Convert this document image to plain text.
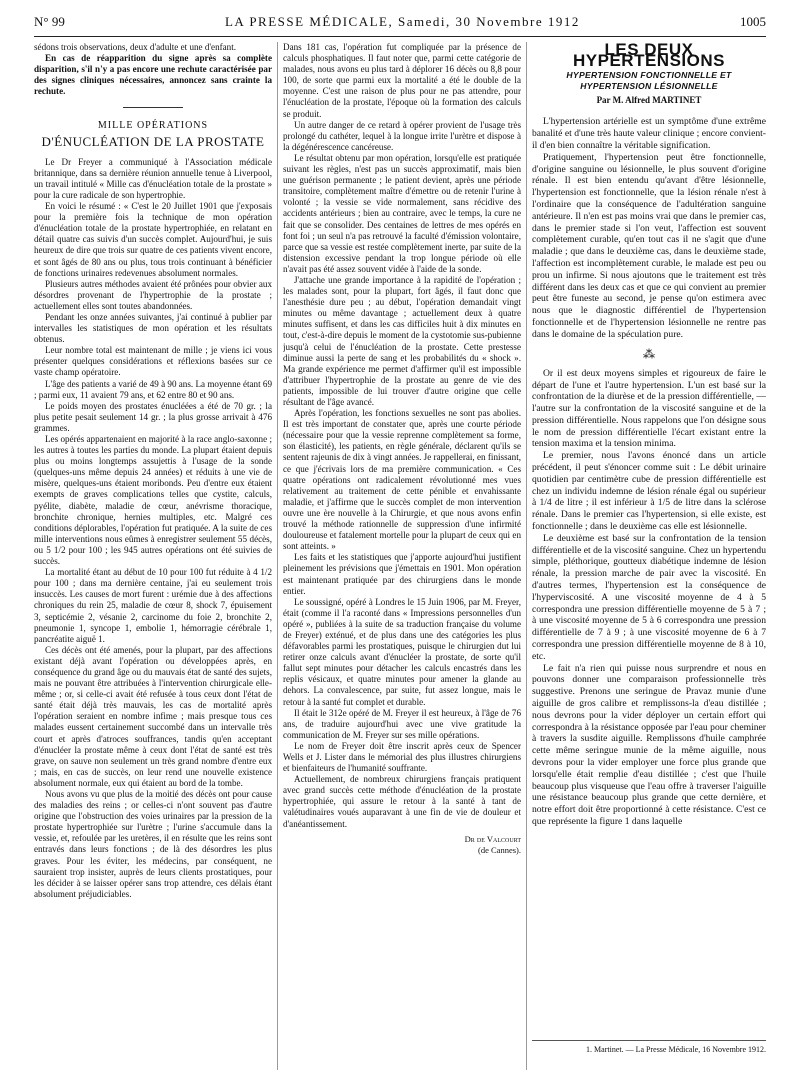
N° 99	LA PRESSE MÉDICALE, Samedi, 30 Novembre 1912	1005

sédons trois observations, deux d'adulte et une d'enfant.

En cas de réapparition du signe après sa complète disparition, s'il n'y a pas encore une rechute caractérisée par des signes cliniques nécessaires, annoncez sans crainte la rechute.

MILLE OPÉRATIONS
D'ÉNUCLÉATION DE LA PROSTATE

Le Dr Freyer a communiqué à l'Association médicale britannique, dans sa dernière réunion annuelle tenue à Liverpool, un travail intitulé « Mille cas d'énucléation totale de la prostate » pour la cure radicale de son hypertrophie.

En voici le résumé : « C'est le 20 Juillet 1901 que j'exposais pour la première fois la technique de mon opération d'énucléation totale de la prostate hypertrophiée, en relatant en détail quatre cas suivis d'un succès complet. Aujourd'hui, je suis heureux de dire que trois sur quatre de ces patients vivent encore, et sont âgés de 80 ans ou plus, tous trois continuant à bénéficier de fonctions urinaires redevenues absolument normales.

Plusieurs autres méthodes avaient été prônées pour obvier aux désordres provenant de l'hypertrophie de la prostate ; actuellement elles sont toutes abandonnées.

Pendant les onze années suivantes, j'ai continué à publier par intervalles les statistiques de mon opération et les résultats obtenus.

Leur nombre total est maintenant de mille ; je viens ici vous présenter quelques considérations et réflexions basées sur ce vaste champ opératoire.

L'âge des patients a varié de 49 à 90 ans. La moyenne étant 69 ; parmi eux, 11 avaient 79 ans, et 62 entre 80 et 90 ans.

Le poids moyen des prostates énucléées a été de 70 gr. ; la plus petite pesait seulement 14 gr. ; la plus grosse arrivait à 476 grammes.

Les opérés appartenaient en majorité à la race anglo-saxonne ; les autres à toutes les parties du monde. La plupart étaient depuis plus ou moins longtemps assujettis à l'usage de la sonde (quelques-uns même depuis 24 années) et réduits à une vie de misère, quelques-uns étaient moribonds. Peu d'entre eux étaient exempts de graves complications telles que cystite, calculs, pyélite, diabète, maladie de cœur, anévrisme thoracique, bronchite chronique, hernies multiples, etc. Malgré ces conditions déplorables, l'opération fut pratiquée. A la suite de ces mille interventions nous eûmes à enregistrer seulement 55 décès, ou 5 1/2 pour 100 ; les 945 autres opérations ont été suivies de succès.

La mortalité étant au début de 10 pour 100 fut réduite à 4 1/2 pour 100 ; dans ma dernière centaine, j'ai eu seulement trois insuccès. Les causes de mort furent : urémie due à des affections chroniques du rein 25, maladie de cœur 8, shock 7, épuisement 3, septicémie 2, vésanie 2, carcinome du foie 2, bronchite 2, pneumonie 1, syncope 1, embolie 1, hémorragie cérébrale 1, pancréatite aiguë 1.

Ces décès ont été amenés, pour la plupart, par des affections existant déjà avant l'opération ou développées après, en conséquence du grand âge ou du mauvais état de santé des sujets, mais ne pouvant être attribuées à l'intervention chirurgicale elle-même ; or, si celle-ci avait été refusée à tous ceux dont l'état de santé était déjà très mauvais, les cas de mortalité après l'opération seraient en nombre infime ; mais presque tous ces malades eussent certainement succombé dans un intervalle très court et après d'atroces souffrances, tandis qu'en acceptant d'énucléer la prostate même à ceux dont l'état de santé est très grave, on sauve non seulement un très grand nombre d'entre eux ; mais, en cas de succès, on leur rend une nouvelle existence absolument normale, eux qui étaient au bord de la tombe.

Nous avons vu que plus de la moitié des décès ont pour cause des maladies des reins ; or celles-ci n'ont souvent pas d'autre origine que l'obstruction des voies urinaires par la pression de la prostate hypertrophiée sur l'urètre ; l'urine s'accumule dans la vessie, et, refoulée par les uretères, il en résulte que les reins sont entravés dans leurs fonctions ; de là des désordres les plus graves. Pour les éviter, les médecins, par conséquent, ne sauraient trop insister, auprès de leurs clients prostatiques, pour les décider à se laisser opérer sans trop attendre, ces délais étant absolument préjudiciables.

Dans 181 cas, l'opération fut compliquée par la présence de calculs phosphatiques. Il faut noter que, parmi cette catégorie de malades, nous avons eu plus tard à déplorer 16 décès ou 8,8 pour 100, de sorte que parmi eux la mortalité a été le double de la moyenne. C'est une raison de plus pour ne pas attendre, pour l'énucléation de la prostate, l'époque où la formation des calculs se produit.

Un autre danger de ce retard à opérer provient de l'usage très prolongé du cathéter, lequel à la longue irrite l'urètre et dispose à la dégénérescence cancéreuse.

Le résultat obtenu par mon opération, lorsqu'elle est pratiquée suivant les règles, n'est pas un succès approximatif, mais bien une guérison permanente ; le patient devient, après une période transitoire, complètement maître d'émettre ou de retenir l'urine à volonté ; la vessie se vide normalement, sans récidive des accidents antérieurs ; bien au contraire, avec le temps, la cure ne fait que se consolider. Des centaines de lettres de mes opérés en font foi ; un seul n'a pas retrouvé la faculté d'émission volontaire, parce que sa vessie est restée complètement inerte, par suite de la distension excessive pendant la trop longue période où elle n'avait pas été assez souvent vidée à l'aide de la sonde.

J'attache une grande importance à la rapidité de l'opération ; les malades sont, pour la plupart, fort âgés, il faut donc que l'anesthésie dure peu ; au début, l'opération demandait vingt minutes ou même davantage ; actuellement deux à quatre minutes suffisent, et dans les cas difficiles huit à dix minutes en tout, c'est-à-dire depuis le moment de la cystotomie sus-pubienne jusqu'à celui de l'énucléation de la prostate. Cette prestesse diminue aussi la perte de sang et les probabilités du « shock ». Ma grande expérience me permet d'affirmer qu'il est impossible d'attribuer l'hypertrophie de la prostate au genre de vie des patients, impossible de lui trouver d'autre origine que celle résultant de l'âge avancé.

Après l'opération, les fonctions sexuelles ne sont pas abolies. Il est très important de constater que, après une courte période (nécessaire pour que la vessie reprenne complètement sa forme, son élasticité), les patients, en règle générale, déclarent qu'ils se sentent rajeunis de dix à vingt années. Je rappellerai, en finissant, ce que j'écrivais lors de ma première communication. « Ces quatre opérations ont radicalement révolutionné mes vues relativement au traitement de cette pénible et envahissante maladie, et j'affirme que le succès complet de mon intervention ouvre une ère nouvelle à la Chirurgie, et que nous avons enfin trouvé la méthode rationnelle de suppression d'une infirmité douloureuse et fatalement mortelle pour la plupart de ceux qui en sont atteints. »

Les faits et les statistiques que j'apporte aujourd'hui justifient pleinement les prévisions que j'émettais en 1901. Mon opération est maintenant pratiquée par des chirurgiens dans le monde entier.

Le soussigné, opéré à Londres le 15 Juin 1906, par M. Freyer, était (comme il l'a raconté dans « Impressions personnelles d'un opéré », publiées à la suite de sa traduction française du volume de Freyer) exténué, et de plus dans une des catégories les plus défavorables parmi les prostatiques, puisque le chirurgien dut lui retirer onze calculs avant d'énucléer la prostate, de sorte qu'il fallut sept minutes pour détacher les calculs encastrés dans les replis vésicaux, et quatre minutes pour amener la glande au dehors. La convalescence, par suite, fut assez longue, mais le retour à la santé fut complet et durable.

Il était le 312e opéré de M. Freyer il est heureux, à l'âge de 76 ans, de traduire aujourd'hui avec une vive gratitude la communication de M. Freyer sur ses mille opérations.

Le nom de Freyer doit être inscrit après ceux de Spencer Wells et J. Lister dans le mémorial des plus illustres chirurgiens et bienfaiteurs de l'humanité souffrante.

Actuellement, de nombreux chirurgiens français pratiquent avec grand succès cette méthode d'énucléation de la prostate hypertrophiée, qui assure le retour à la santé à tant de valétudinaires voués auparavant à une fin de vie de douleur et d'anéantissement.

Dr de Valcourt
(de Cannes).
LES DEUX HYPERTENSIONS
HYPERTENSION FONCTIONNELLE ET HYPERTENSION LÉSIONNELLE
Par M. Alfred MARTINET

L'hypertension artérielle est un symptôme d'une extrême banalité et d'une très haute valeur clinique ; encore convient-il d'en bien connaître la véritable signification.

Pratiquement, l'hypertension peut être fonctionnelle, d'origine sanguine ou lésionnelle, le plus souvent d'origine rénale. Il est bien entendu qu'avant d'être lésionnelle, l'hypertension est fonctionnelle, que la lésion rénale n'est à l'ordinaire que la conséquence de l'adultération sanguine antérieure. Il n'en est pas moins vrai que dans le premier cas, dans le premier stade si l'on veut, l'affection est souvent complètement curable, qu'en tout cas il ne s'agit que d'une maladie ; que dans le deuxième cas, dans le deuxième stade, l'affection est incomplètement curable, le malade est peu ou prou un infirme. Si nous ajoutons que le traitement est très différent dans les deux cas et que ce qui convient au premier peut être funeste au second, je pense qu'on estimera avec nous que le diagnostic différentiel de l'hypertension fonctionnelle et de l'hypertension lésionnelle ne rentre pas dans le domaine de la spéculation pure.

⁂

Or il est deux moyens simples et rigoureux de faire le départ de l'une et l'autre hypertension. L'un est basé sur la confrontation de la diurèse et de la pression différentielle, — l'autre sur la confrontation de la viscosité sanguine et de la pression différentielle. Nous rappelons que l'on désigne sous le nom de pression différentielle l'écart existant entre la tension maxima et la tension minima.

Le premier, nous l'avons énoncé dans un article précédent, il peut s'énoncer comme suit : Le débit urinaire quotidien par centimètre cube de pression différentielle est chez un individu indemne de lésion rénale égal ou supérieur à 1/4 de litre ; il est inférieur à 1/5 de litre dans la sclérose rénale. Dans le premier cas l'hypertension, si elle existe, est fonctionnelle ; dans le deuxième cas elle est lésionnelle.

Le deuxième est basé sur la confrontation de la tension différentielle et de la viscosité sanguine. Chez un hypertendu simple, pléthorique, goutteux diabétique indemne de lésion rénale, la pression marche de pair avec la viscosité. En d'autres termes, l'hypertension est la conséquence de l'hyperviscosité. A une viscosité moyenne de 4 à 5 correspondra une pression différentielle moyenne de 5 à 7 ; à une viscosité moyenne de 5 à 6 correspondra une pression différentielle de 7 à 9 ; à une viscosité moyenne de 6 à 7 correspondra une pression différentielle moyenne de 8 à 10, etc.

Le fait n'a rien qui puisse nous surprendre et nous en pouvons donner une comparaison professionnelle très suggestive. Prenons une seringue de Pravaz munie d'une aiguille de gros calibre et remplissons-la d'eau distillée ; nous devrons pour la vider déployer un certain effort qui correspondra à la résistance opposée par l'eau pour cheminer à travers la susdite aiguille. Remplissons d'huile camphrée cette même seringue munie de la même aiguille, nous devrons pour la vider employer une force plus grande que lorsqu'elle était remplie d'eau distillée ; c'est que l'huile beaucoup plus visqueuse que l'eau offre à traverser l'aiguille une résistance beaucoup plus grande que cette dernière, et notre effort doit être proportionné à cette résistance. C'est ce que représente la figure 1 dans laquelle

1. Martinet. — La Presse Médicale, 16 Novembre 1912.
